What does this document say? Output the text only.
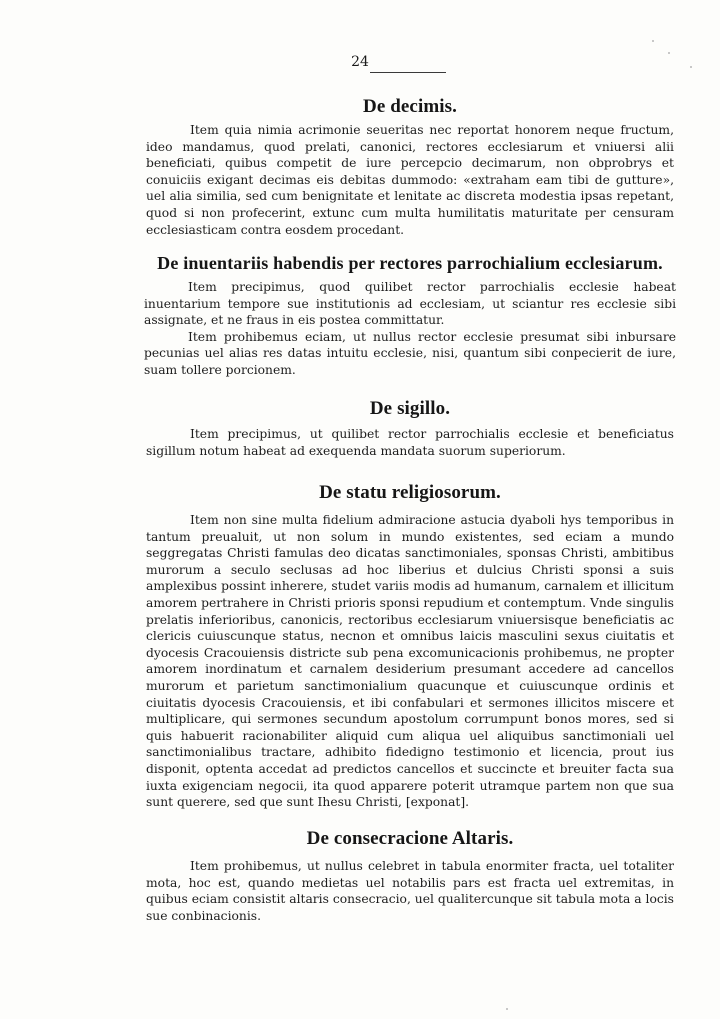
24
De decimis.

Item quia nimia acrimonie seueritas nec reportat honorem neque fructum, ideo mandamus, quod prelati, canonici, rectores ecclesiarum et vniuersi alii beneficiati, quibus competit de iure percepcio decimarum, non obprobrys et conuiciis exigant decimas eis debitas dummodo: «extraham eam tibi de gutture», uel alia similia, sed cum benignitate et lenitate ac discreta modestia ipsas repetant, quod si non profecerint, extunc cum multa humilitatis maturitate per censuram ecclesiasticam contra eosdem procedant.

De inuentariis habendis per rectores parrochialium ecclesiarum.

Item precipimus, quod quilibet rector parrochialis ecclesie habeat inuentarium tempore sue institutionis ad ecclesiam, ut sciantur res ecclesie sibi assignate, et ne fraus in eis postea committatur.

Item prohibemus eciam, ut nullus rector ecclesie presumat sibi inbursare pecunias uel alias res datas intuitu ecclesie, nisi, quantum sibi conpecierit de iure, suam tollere porcionem.

De sigillo.

Item precipimus, ut quilibet rector parrochialis ecclesie et beneficiatus sigillum notum habeat ad exequenda mandata suorum superiorum.

De statu religiosorum.

Item non sine multa fidelium admiracione astucia dyaboli hys temporibus in tantum preualuit, ut non solum in mundo existentes, sed eciam a mundo seggregatas Christi famulas deo dicatas sanctimoniales, sponsas Christi, ambitibus murorum a seculo seclusas ad hoc liberius et dulcius Christi sponsi a suis amplexibus possint inherere, studet variis modis ad humanum, carnalem et illicitum amorem pertrahere in Christi prioris sponsi repudium et contemptum. Vnde singulis prelatis inferioribus, canonicis, rectoribus ecclesiarum vniuersisque beneficiatis ac clericis cuiuscunque status, necnon et omnibus laicis masculini sexus ciuitatis et dyocesis Cracouiensis districte sub pena excomunicacionis prohibemus, ne propter amorem inordinatum et carnalem desiderium presumant accedere ad cancellos murorum et parietum sanctimonialium quacunque et cuiuscunque ordinis et ciuitatis dyocesis Cracouiensis, et ibi confabulari et sermones illicitos miscere et multiplicare, qui sermones secundum apostolum corrumpunt bonos mores, sed si quis habuerit racionabiliter aliquid cum aliqua uel aliquibus sanctimoniali uel sanctimonialibus tractare, adhibito fidedigno testimonio et licencia, prout ius disponit, optenta accedat ad predictos cancellos et succincte et breuiter facta sua iuxta exigenciam negocii, ita quod apparere poterit utramque partem non que sua sunt querere, sed que sunt Ihesu Christi, [exponat].

De consecracione Altaris.

Item prohibemus, ut nullus celebret in tabula enormiter fracta, uel totaliter mota, hoc est, quando medietas uel notabilis pars est fracta uel extremitas, in quibus eciam consistit altaris consecracio, uel qualitercunque sit tabula mota a locis sue conbinacionis.
